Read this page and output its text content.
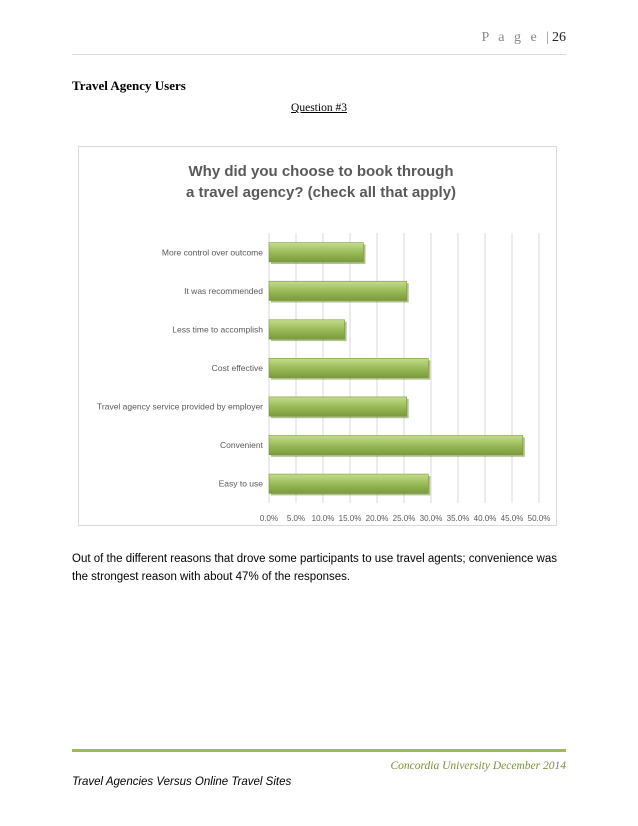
P a g e |26
Travel Agency Users
Question #3
Why did you choose to book through
a travel agency? (check all that apply)
0.0% 5.0% 10.0% 15.0% 20.0% 25.0% 30.0% 35.0% 40.0% 45.0% 50.0%
Easy to use
Convenient
Travel agency service provided by employer
Cost effective
Less time to accomplish
It was recommended
More control over outcome
Out of the different reasons that drove some participants to use travel agents; convenience was the strongest reason with about 47% of the responses.
Concordia University December 2014
Travel Agencies Versus Online Travel Sites
